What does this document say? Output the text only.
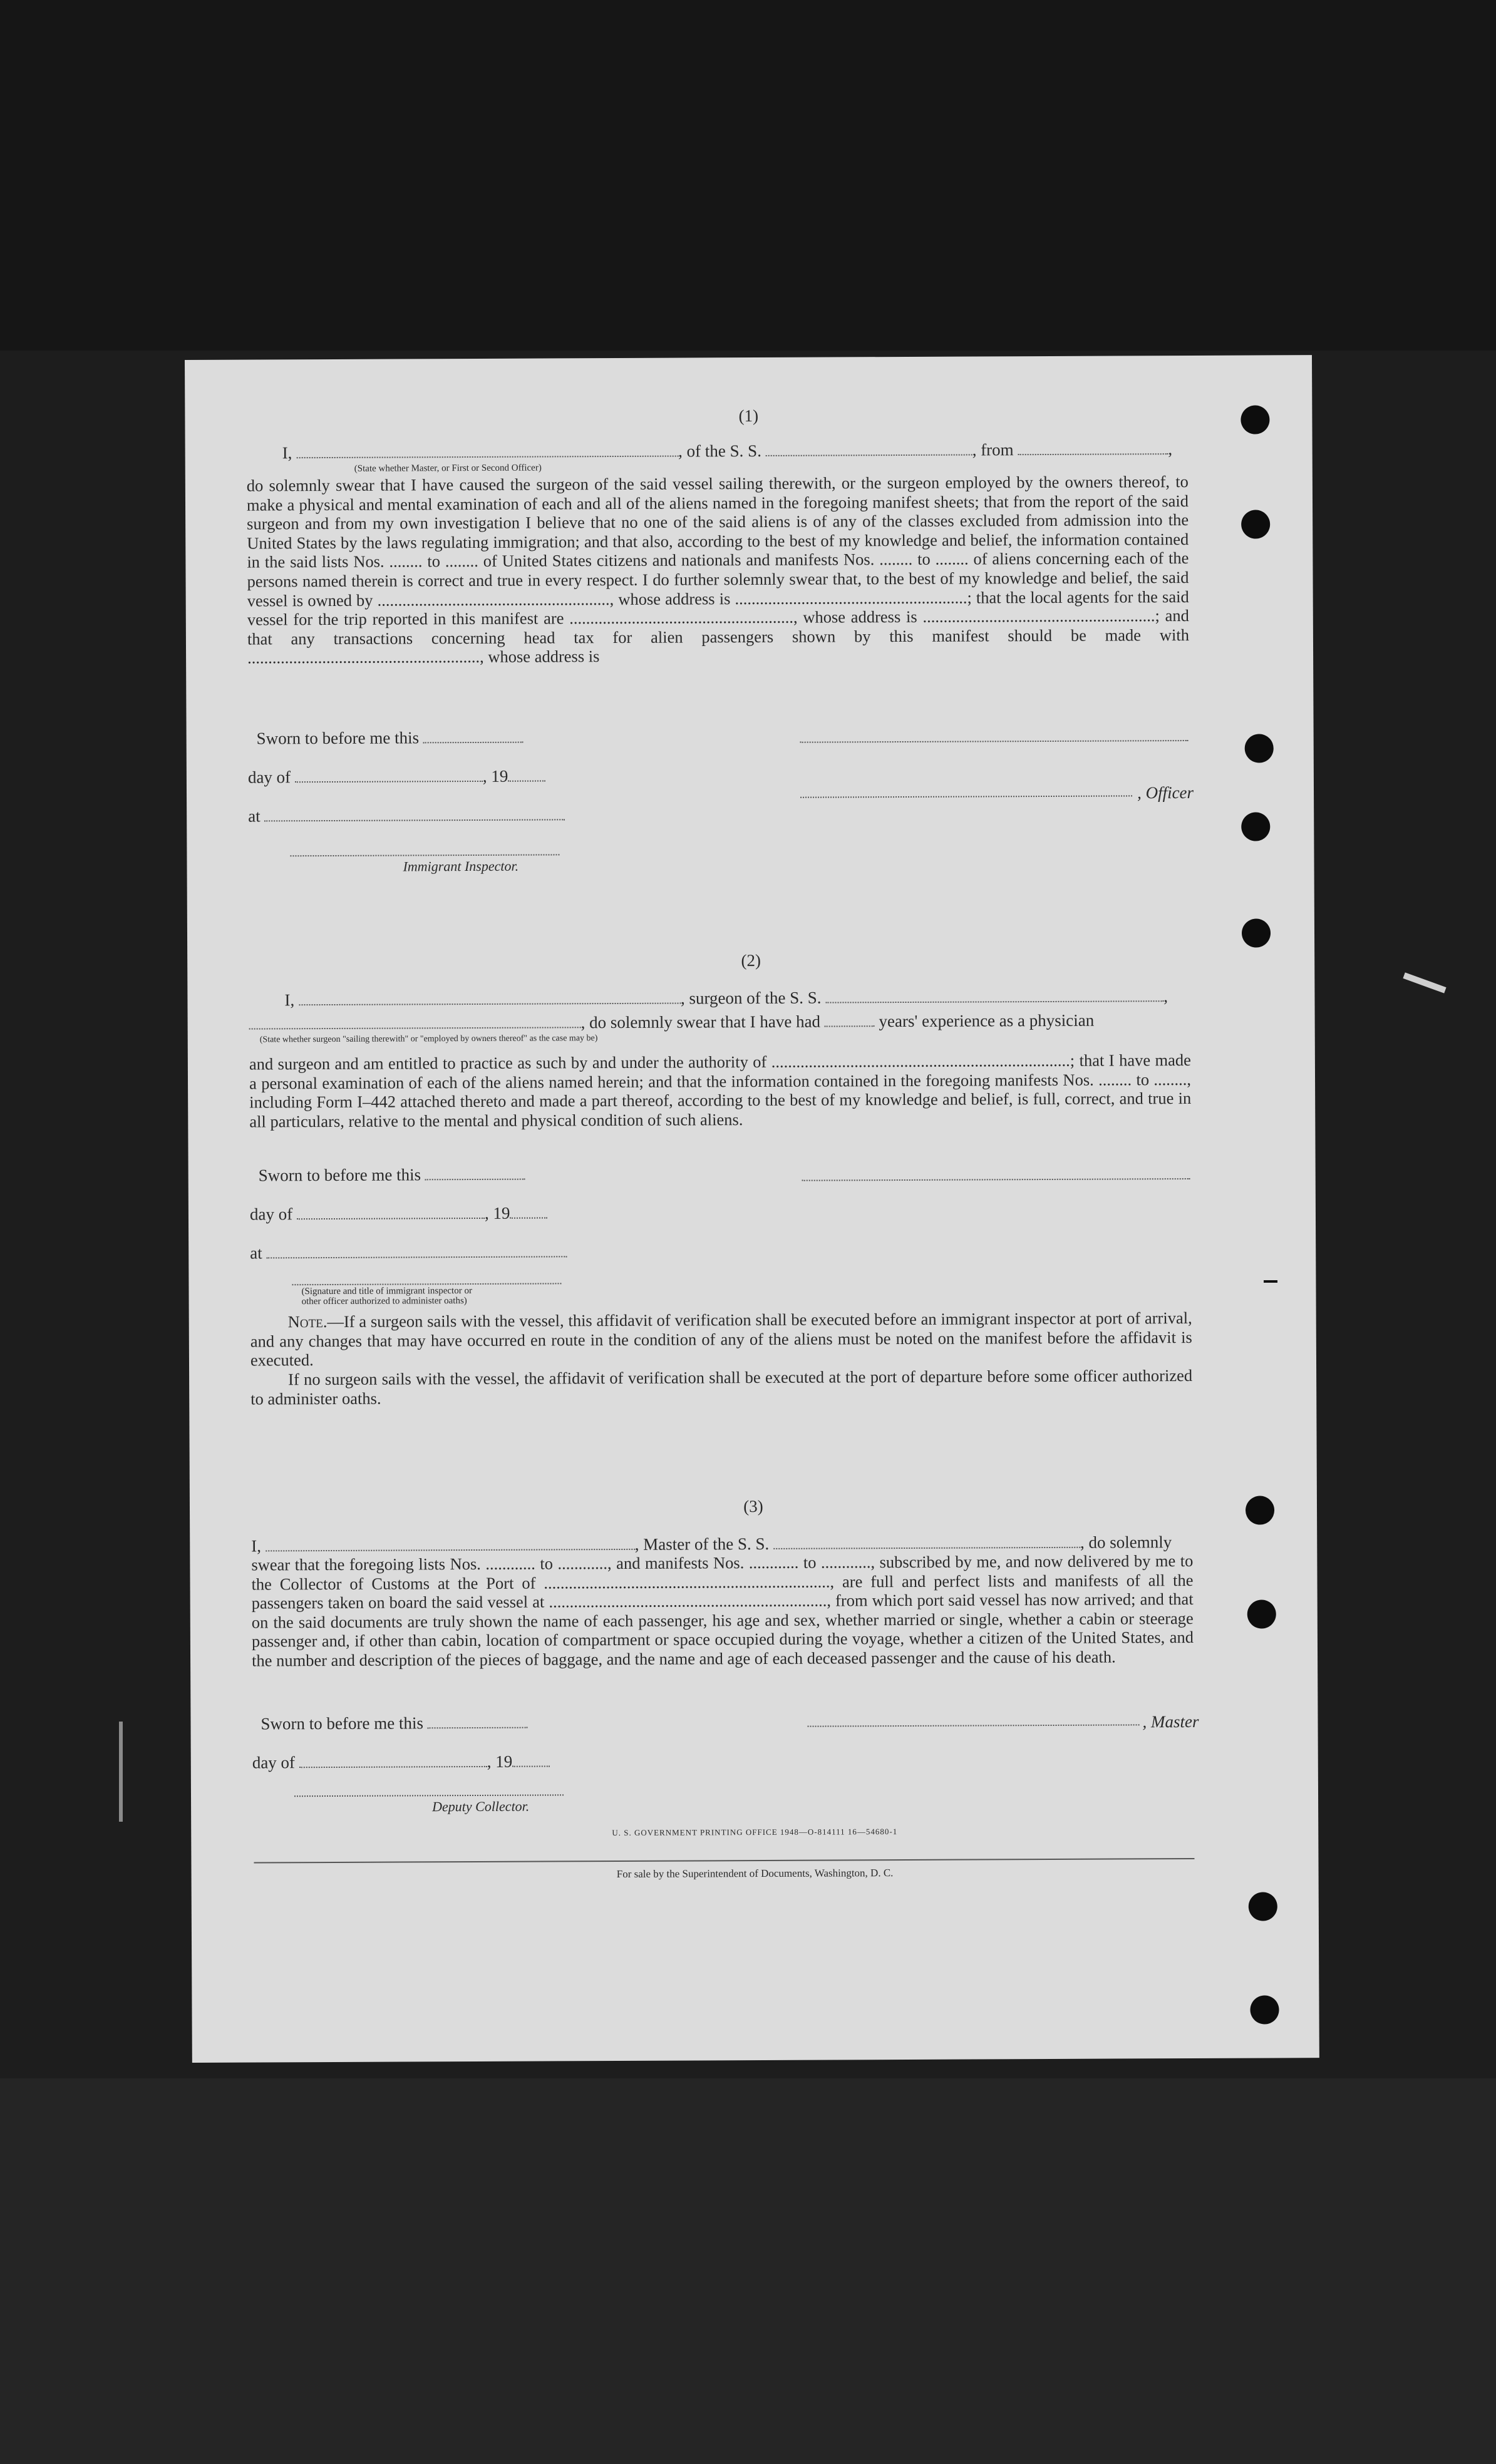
(1)
I,	, of the S. S.	, from	,
(State whether Master, or First or Second Officer)
do solemnly swear that I have caused the surgeon of the said vessel sailing therewith, or the surgeon employed by the owners thereof, to make a physical and mental examination of each and all of the aliens named in the foregoing manifest sheets; that from the report of the said surgeon and from my own investigation I believe that no one of the said aliens is of any of the classes excluded from admission into the United States by the laws regulating immigration; and that also, according to the best of my knowledge and belief, the information contained in the said lists Nos. ........ to ........ of United States citizens and nationals and manifests Nos. ........ to ........ of aliens concerning each of the persons named therein is correct and true in every respect. I do further solemnly swear that, to the best of my knowledge and belief, the said vessel is owned by ........................................................, whose address is ........................................................; that the local agents for the said vessel for the trip reported in this manifest are ......................................................, whose address is ........................................................; and that any transactions concerning head tax for alien passengers shown by this manifest should be made with ........................................................, whose address is
Sworn to before me this
day of	, 19
, Officer
at
Immigrant Inspector.
(2)
I,	, surgeon of the S. S.	,
, do solemnly swear that I have had	years' experience as a physician
(State whether surgeon "sailing therewith" or "employed by owners thereof" as the case may be)
and surgeon and am entitled to practice as such by and under the authority of ........................................................................; that I have made a personal examination of each of the aliens named herein; and that the information contained in the foregoing manifests Nos. ........ to ........, including Form I–442 attached thereto and made a part thereof, according to the best of my knowledge and belief, is full, correct, and true in all particulars, relative to the mental and physical condition of such aliens.
Sworn to before me this
day of	, 19
at
(Signature and title of immigrant inspector or
other officer authorized to administer oaths)
Note.—If a surgeon sails with the vessel, this affidavit of verification shall be executed before an immigrant inspector at port of arrival, and any changes that may have occurred en route in the condition of any of the aliens must be noted on the manifest before the affidavit is executed.
If no surgeon sails with the vessel, the affidavit of verification shall be executed at the port of departure before some officer authorized to administer oaths.
(3)
I,	, Master of the S. S.	, do solemnly
swear that the foregoing lists Nos. ............ to ............, and manifests Nos. ............ to ............, subscribed by me, and now delivered by me to the Collector of Customs at the Port of ....................................................................., are full and perfect lists and manifests of all the passengers taken on board the said vessel at ..................................................................., from which port said vessel has now arrived; and that on the said documents are truly shown the name of each passenger, his age and sex, whether married or single, whether a cabin or steerage passenger and, if other than cabin, location of compartment or space occupied during the voyage, whether a citizen of the United States, and the number and description of the pieces of baggage, and the name and age of each deceased passenger and the cause of his death.
Sworn to before me this	, Master
day of	, 19
Deputy Collector.
U. S. GOVERNMENT PRINTING OFFICE 1948—O-814111 16—54680-1
For sale by the Superintendent of Documents, Washington, D. C.
